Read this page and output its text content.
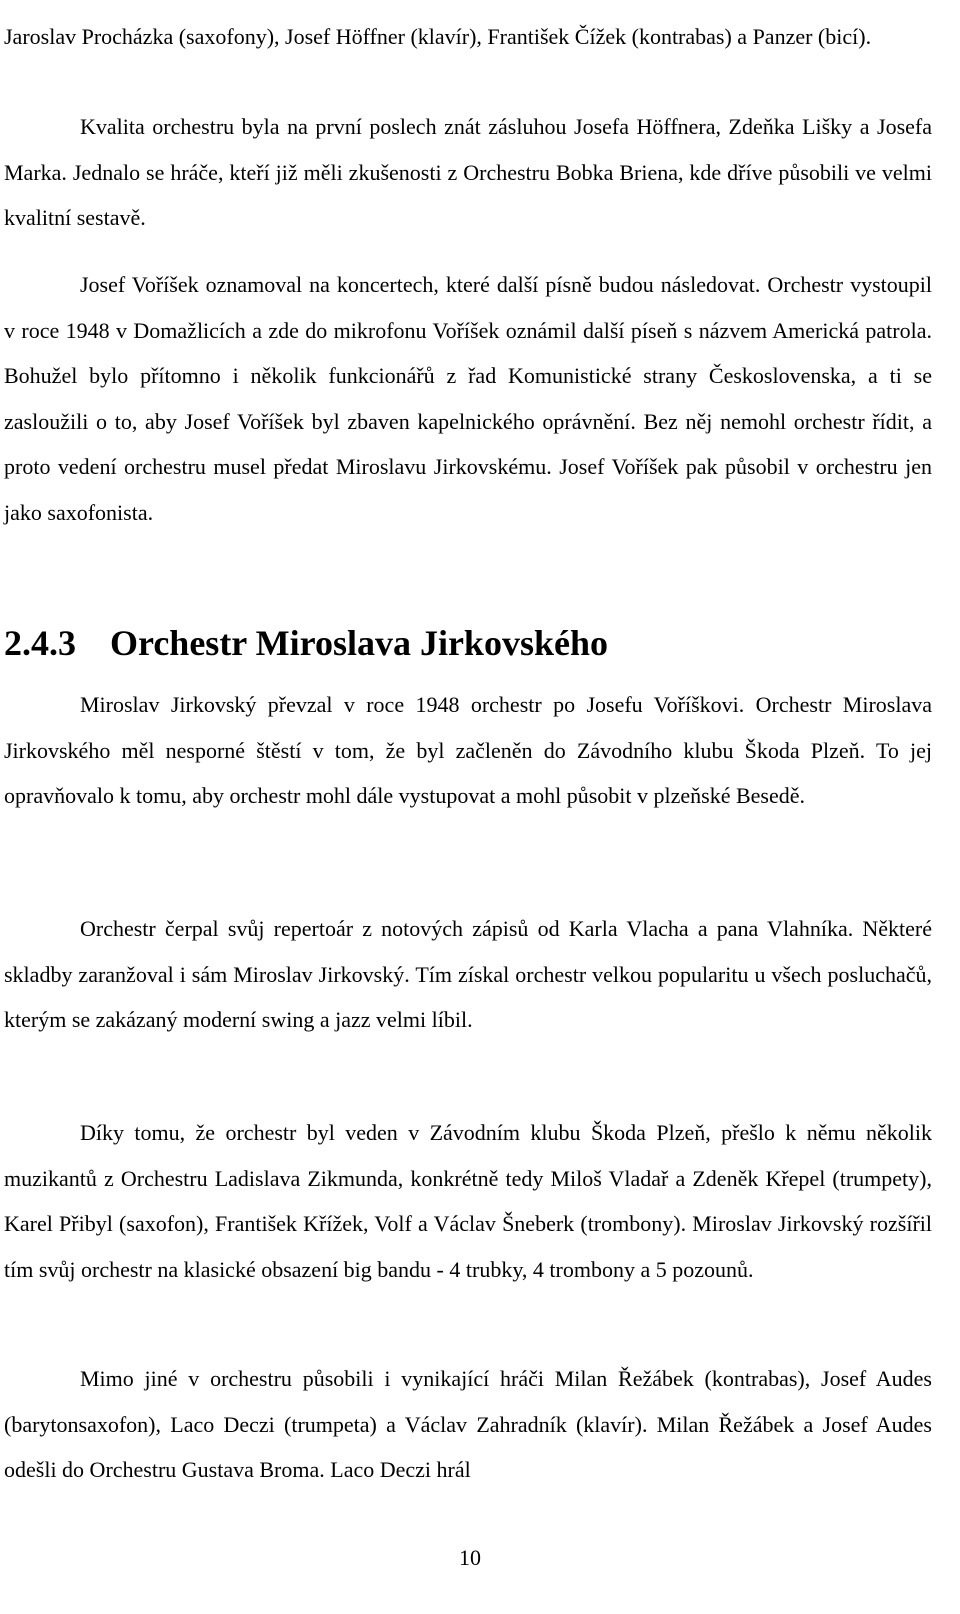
Jaroslav Procházka (saxofony), Josef Höffner (klavír), František Čížek (kontrabas) a Panzer (bicí).

Kvalita orchestru byla na první poslech znát zásluhou Josefa Höffnera, Zdeňka Lišky a Josefa Marka. Jednalo se hráče, kteří již měli zkušenosti z Orchestru Bobka Briena, kde dříve působili ve velmi kvalitní sestavě.

Josef Voříšek oznamoval na koncertech, které další písně budou následovat. Orchestr vystoupil v roce 1948 v Domažlicích a zde do mikrofonu Voříšek oznámil další píseň s názvem Americká patrola. Bohužel bylo přítomno i několik funkcionářů z řad Komunistické strany Československa, a ti se zasloužili o to, aby Josef Voříšek byl zbaven kapelnického oprávnění. Bez něj nemohl orchestr řídit, a proto vedení orchestru musel předat Miroslavu Jirkovskému. Josef Voříšek pak působil v orchestru jen jako saxofonista.

2.4.3 Orchestr Miroslava Jirkovského

Miroslav Jirkovský převzal v roce 1948 orchestr po Josefu Voříškovi. Orchestr Miroslava Jirkovského měl nesporné štěstí v tom, že byl začleněn do Závodního klubu Škoda Plzeň. To jej opravňovalo k tomu, aby orchestr mohl dále vystupovat a mohl působit v plzeňské Besedě.

Orchestr čerpal svůj repertoár z notových zápisů od Karla Vlacha a pana Vlahníka. Některé skladby zaranžoval i sám Miroslav Jirkovský. Tím získal orchestr velkou popularitu u všech posluchačů, kterým se zakázaný moderní swing a jazz velmi líbil.

Díky tomu, že orchestr byl veden v Závodním klubu Škoda Plzeň, přešlo k němu několik muzikantů z Orchestru Ladislava Zikmunda, konkrétně tedy Miloš Vladař a Zdeněk Křepel (trumpety), Karel Přibyl (saxofon), František Křížek, Volf a Václav Šneberk (trombony). Miroslav Jirkovský rozšířil tím svůj orchestr na klasické obsazení big bandu - 4 trubky, 4 trombony a 5 pozounů.

Mimo jiné v orchestru působili i vynikající hráči Milan Řežábek (kontrabas), Josef Audes (barytonsaxofon), Laco Deczi (trumpeta) a Václav Zahradník (klavír). Milan Řežábek a Josef Audes odešli do Orchestru Gustava Broma. Laco Deczi hrál

10
